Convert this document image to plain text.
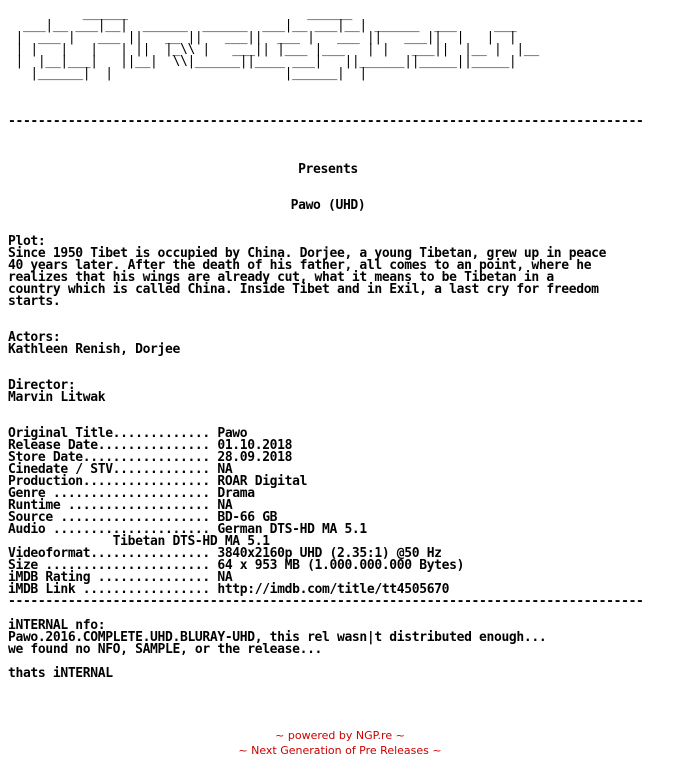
______                        ______
___|__ ___|__|  ______  ______  ___|__ ___|__| ______  ___     ___
|  ___ |   ___ ||   __ ||   ___||  ___ |   ___ ||   ___||  |   |  |
| |   |   |   | ||  |_\\ |   ___|| |___ |___   | |   ___||  |__ |  |__
|  |__|___|   ||__|  \\|______||____ ___|   ||______||_____||_____|
|______|  |                       |______|  |
-------------------------------------------------------------------------------------
Presents
Pawo (UHD)
Plot:
Since 1950 Tibet is occupied by China. Dorjee, a young Tibetan, grew up in peace
40 years later. After the death of his father, all comes to an point, where he
realizes that his wings are already cut, what it means to be Tibetan in a
country which is called China. Inside Tibet and in Exil, a last cry for freedom
starts.
Actors:
Kathleen Renish, Dorjee
Director:
Marvin Litwak
Original Title............. Pawo
Release Date............... 01.10.2018
Store Date................. 28.09.2018
Cinedate / STV............. NA
Production................. ROAR Digital
Genre ..................... Drama
Runtime ................... NA
Source .................... BD-66 GB
Audio ..................... German DTS-HD MA 5.1
Tibetan DTS-HD MA 5.1
Videoformat................ 3840x2160p UHD (2.35:1) @50 Hz
Size ...................... 64 x 953 MB (1.000.000.000 Bytes)
iMDB Rating ............... NA
iMDB Link ................. http://imdb.com/title/tt4505670
-------------------------------------------------------------------------------------
iNTERNAL nfo:
Pawo.2016.COMPLETE.UHD.BLURAY-UHD, this rel wasn|t distributed enough...
we found no NFO, SAMPLE, or the release...
thats iNTERNAL
~ powered by NGP.re ~
~ Next Generation of Pre Releases ~
